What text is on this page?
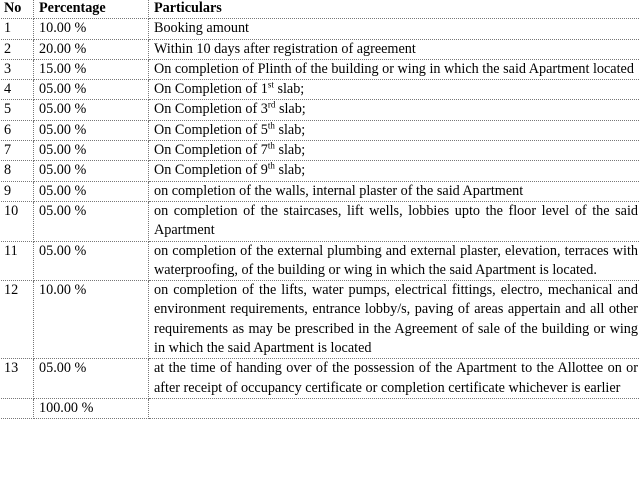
No	Percentage	Particulars
1	10.00 %	Booking amount
2	20.00 %	Within 10 days after registration of agreement
3	15.00 %	On completion of Plinth of the building or wing in which the said Apartment located
4	05.00 %	On Completion of 1st slab;
5	05.00 %	On Completion of 3rd slab;
6	05.00 %	On Completion of 5th slab;
7	05.00 %	On Completion of 7th slab;
8	05.00 %	On Completion of 9th slab;
9	05.00 %	on completion of the walls, internal plaster of the said Apartment
10	05.00 %	on completion of the staircases, lift wells, lobbies upto the floor level of the said Apartment
11	05.00 %	on completion of the external plumbing and external plaster, elevation, terraces with waterproofing, of the building or wing in which the said Apartment is located.
12	10.00 %	on completion of the lifts, water pumps, electrical fittings, electro, mechanical and environment requirements, entrance lobby/s, paving of areas appertain and all other requirements as may be prescribed in the Agreement of sale of the building or wing in which the said Apartment is located
13	05.00 %	at the time of handing over of the possession of the Apartment to the Allottee on or after receipt of occupancy certificate or completion certificate whichever is earlier
	100.00 %	
